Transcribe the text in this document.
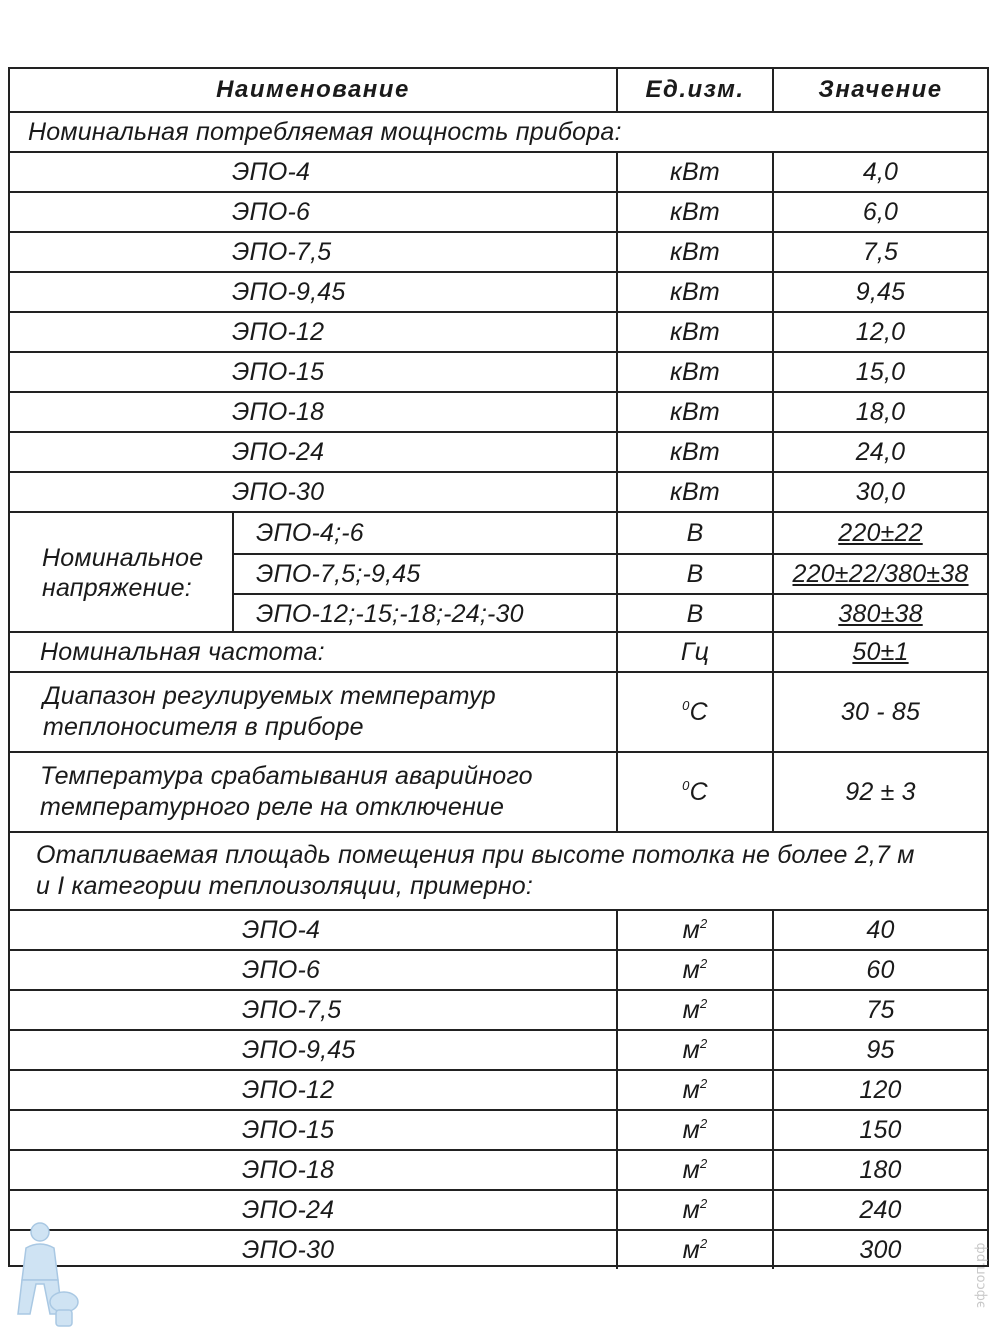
Наименование	Ед.изм.	Значение
Номинальная потребляемая мощность прибора:
ЭПО-4	кВт	4,0
ЭПО-6	кВт	6,0
ЭПО-7,5	кВт	7,5
ЭПО-9,45	кВт	9,45
ЭПО-12	кВт	12,0
ЭПО-15	кВт	15,0
ЭПО-18	кВт	18,0
ЭПО-24	кВт	24,0
ЭПО-30	кВт	30,0
Номинальное
напряжение:
ЭПО-4;-6	В	220±22
ЭПО-7,5;-9,45	В	220±22/380±38
ЭПО-12;-15;-18;-24;-30	В	380±38
Номинальная частота:	Гц	50±1
Диапазон регулируемых температур
теплоносителя в приборе
$^0$С	30 - 85
Температура срабатывания аварийного
температурного реле на отключение
$^0$С	92 ± 3
Отапливаемая площадь помещения при высоте потолка не более 2,7 м
и I категории теплоизоляции, примерно:
ЭПО-4	$м^2$	40
ЭПО-6	$м^2$	60
ЭПО-7,5	$м^2$	75
ЭПО-9,45	$м^2$	95
ЭПО-12	$м^2$	120
ЭПО-15	$м^2$	150
ЭПО-18	$м^2$	180
ЭПО-24	$м^2$	240
ЭПО-30	$м^2$	300	эфсоп.рф
